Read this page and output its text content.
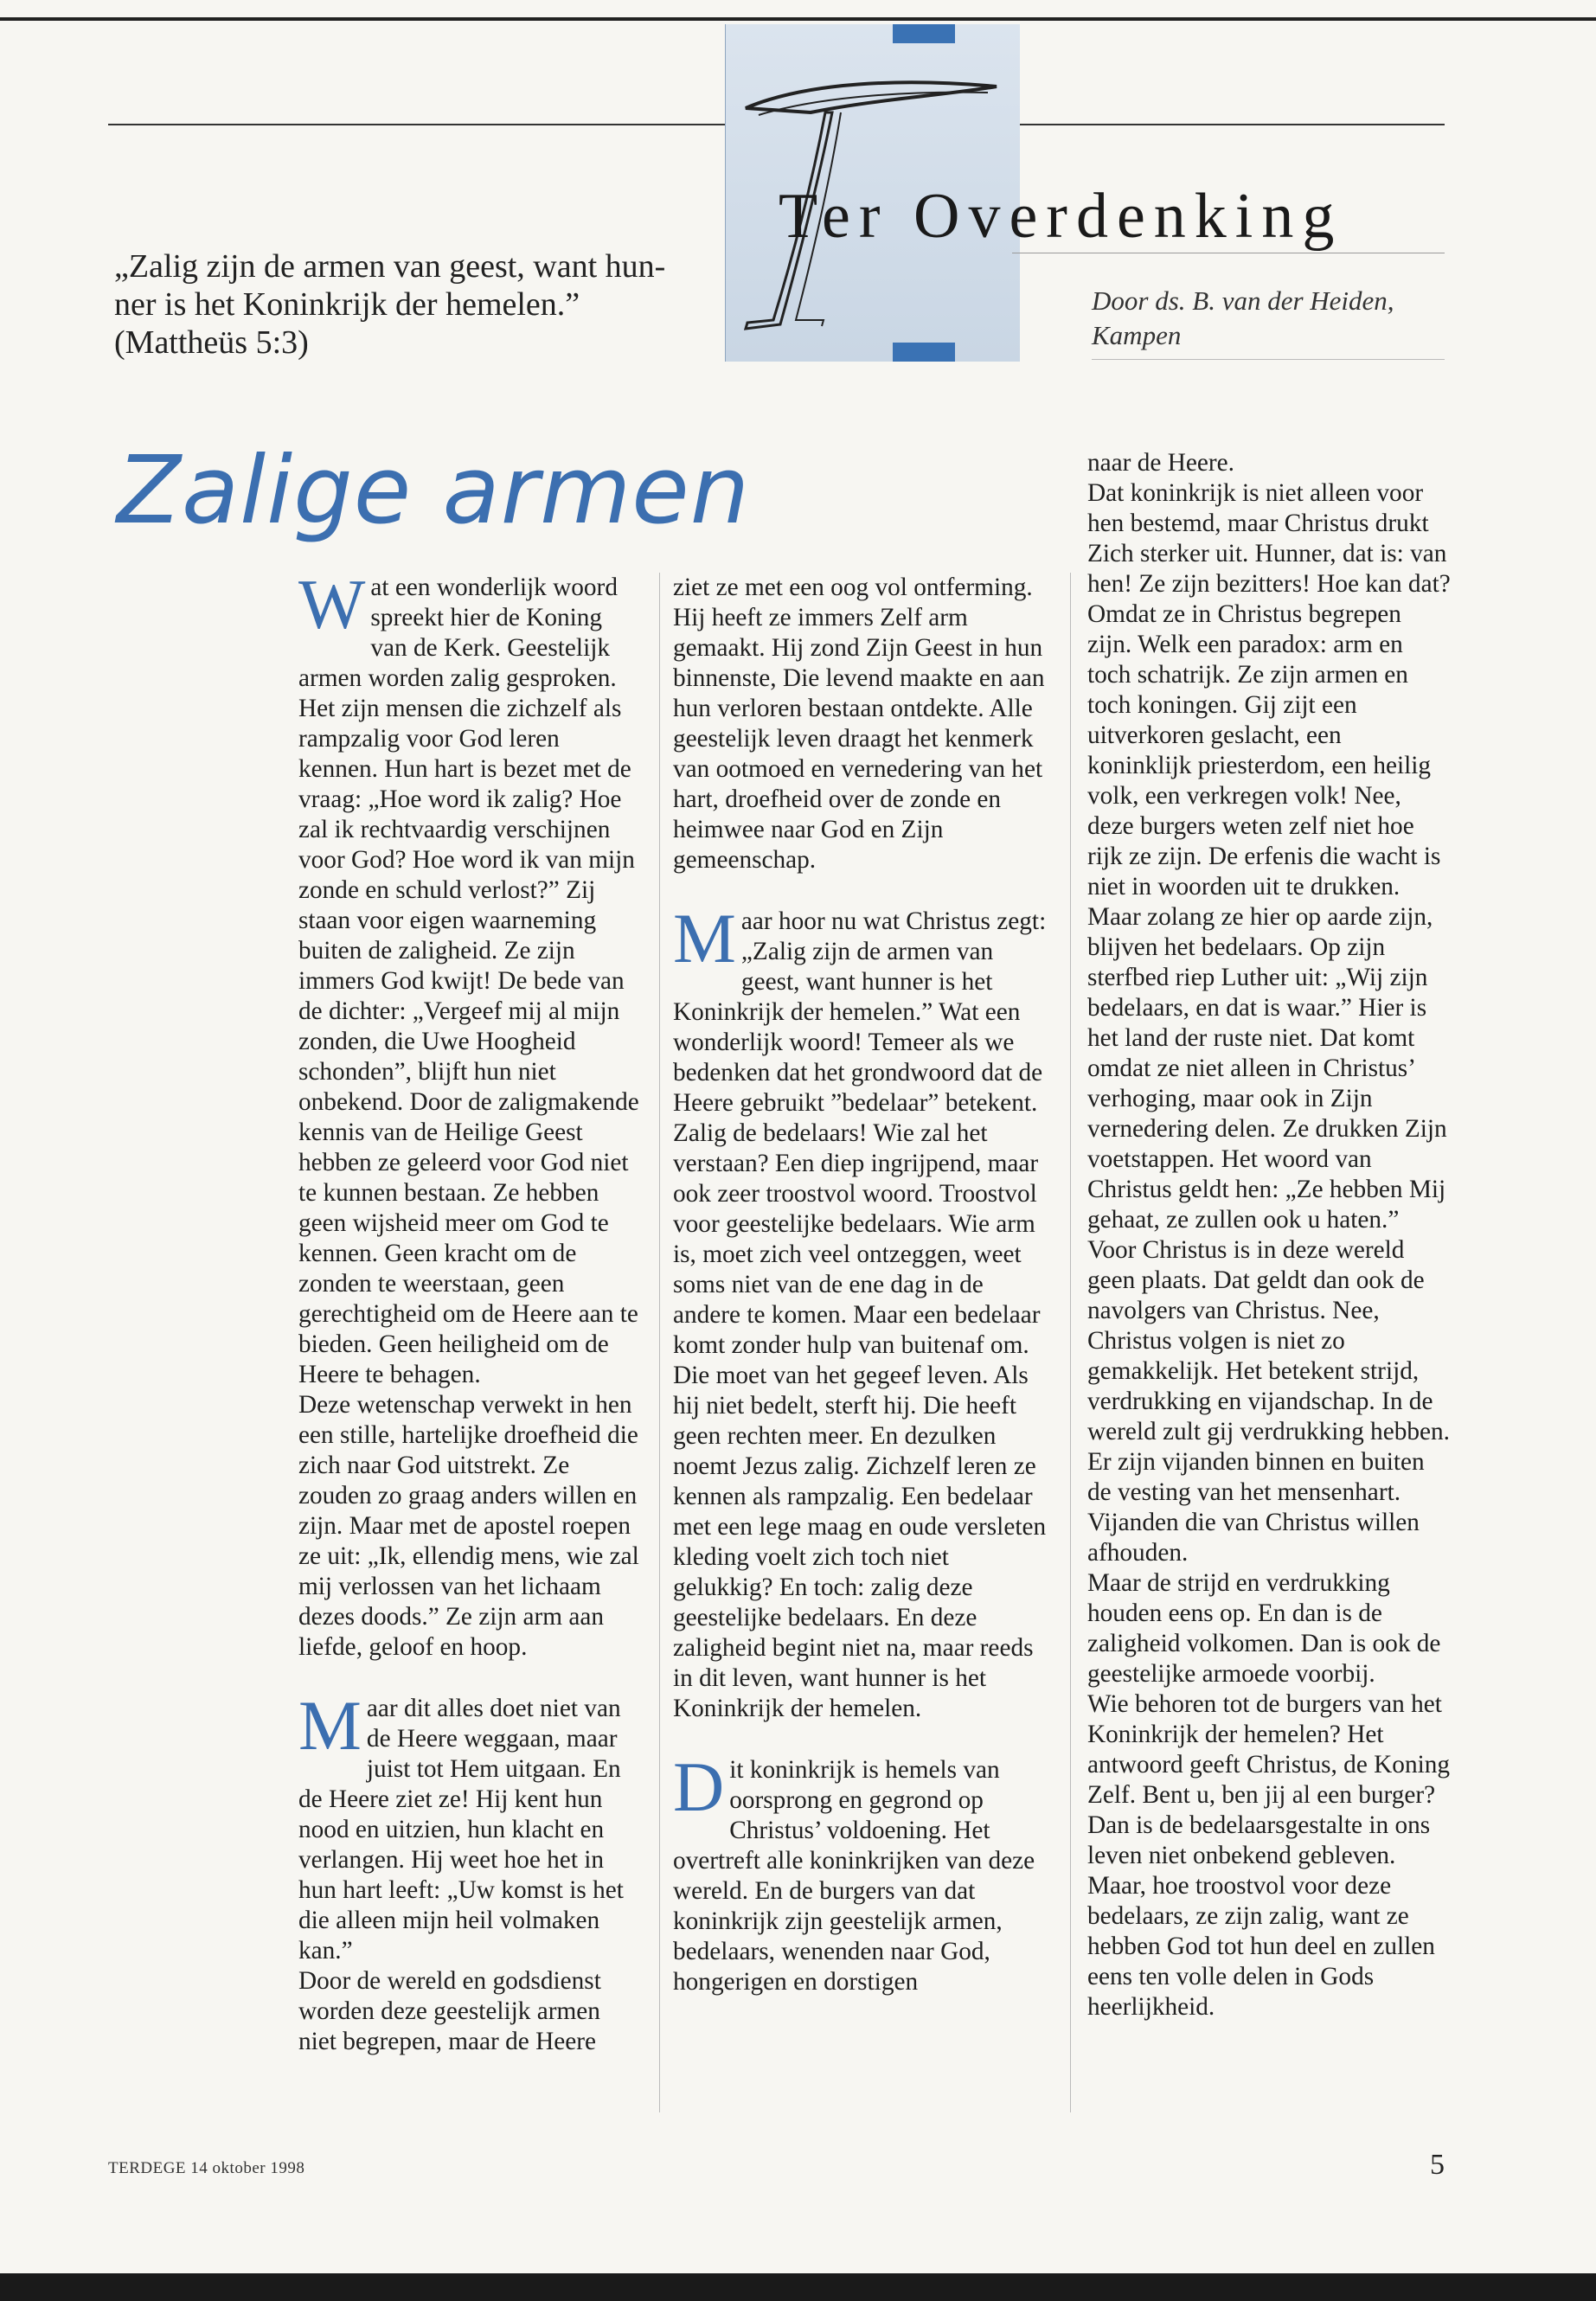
Ter Overdenking
Door ds. B. van der Heiden,
Kampen
„Zalig zijn de armen van geest, want hun-
ner is het Koninkrijk der hemelen.”
(Mattheüs 5:3)
Zalige armen

Wat een wonderlijk woord spreekt hier de Koning van de Kerk. Geestelijk armen worden zalig gesproken. Het zijn mensen die zichzelf als rampzalig voor God leren kennen. Hun hart is bezet met de vraag: „Hoe word ik zalig? Hoe zal ik rechtvaardig verschijnen voor God? Hoe word ik van mijn zonde en schuld verlost?” Zij staan voor eigen waarneming buiten de zaligheid. Ze zijn immers God kwijt! De bede van de dichter: „Vergeef mij al mijn zonden, die Uwe Hoogheid schonden”, blijft hun niet onbekend. Door de zaligmakende kennis van de Heilige Geest hebben ze geleerd voor God niet te kunnen bestaan. Ze hebben geen wijsheid meer om God te kennen. Geen kracht om de zonden te weerstaan, geen gerechtigheid om de Heere aan te bieden. Geen heiligheid om de Heere te behagen.

Deze wetenschap verwekt in hen een stille, hartelijke droefheid die zich naar God uitstrekt. Ze zouden zo graag anders willen en zijn. Maar met de apostel roepen ze uit: „Ik, ellendig mens, wie zal mij verlossen van het lichaam dezes doods.” Ze zijn arm aan liefde, geloof en hoop.

Maar dit alles doet niet van de Heere weggaan, maar juist tot Hem uitgaan. En de Heere ziet ze! Hij kent hun nood en uitzien, hun klacht en verlangen. Hij weet hoe het in hun hart leeft: „Uw komst is het die alleen mijn heil volmaken kan.”

Door de wereld en godsdienst worden deze geestelijk armen niet begrepen, maar de Heere

ziet ze met een oog vol ontferming. Hij heeft ze immers Zelf arm gemaakt. Hij zond Zijn Geest in hun binnenste, Die levend maakte en aan hun verloren bestaan ontdekte. Alle geestelijk leven draagt het kenmerk van ootmoed en vernedering van het hart, droefheid over de zonde en heimwee naar God en Zijn gemeenschap.

Maar hoor nu wat Christus zegt: „Zalig zijn de armen van geest, want hunner is het Koninkrijk der hemelen.” Wat een wonderlijk woord! Temeer als we bedenken dat het grondwoord dat de Heere gebruikt ”bedelaar” betekent. Zalig de bedelaars! Wie zal het verstaan? Een diep ingrijpend, maar ook zeer troostvol woord. Troostvol voor geestelijke bedelaars. Wie arm is, moet zich veel ontzeggen, weet soms niet van de ene dag in de andere te komen. Maar een bedelaar komt zonder hulp van buitenaf om. Die moet van het gegeef leven. Als hij niet bedelt, sterft hij. Die heeft geen rechten meer. En dezulken noemt Jezus zalig. Zichzelf leren ze kennen als rampzalig. Een bedelaar met een lege maag en oude versleten kleding voelt zich toch niet gelukkig? En toch: zalig deze geestelijke bedelaars. En deze zaligheid begint niet na, maar reeds in dit leven, want hunner is het Koninkrijk der hemelen.

Dit koninkrijk is hemels van oorsprong en gegrond op Christus’ voldoening. Het overtreft alle koninkrijken van deze wereld. En de burgers van dat koninkrijk zijn geestelijk armen, bedelaars, wenenden naar God, hongerigen en dorstigen

naar de Heere.

Dat koninkrijk is niet alleen voor hen bestemd, maar Christus drukt Zich sterker uit. Hunner, dat is: van hen! Ze zijn bezitters! Hoe kan dat? Omdat ze in Christus begrepen zijn. Welk een paradox: arm en toch schatrijk. Ze zijn armen en toch koningen. Gij zijt een uitverkoren geslacht, een koninklijk priesterdom, een heilig volk, een verkregen volk! Nee, deze burgers weten zelf niet hoe rijk ze zijn. De erfenis die wacht is niet in woorden uit te drukken.

Maar zolang ze hier op aarde zijn, blijven het bedelaars. Op zijn sterfbed riep Luther uit: „Wij zijn bedelaars, en dat is waar.” Hier is het land der ruste niet. Dat komt omdat ze niet alleen in Christus’ verhoging, maar ook in Zijn vernedering delen. Ze drukken Zijn voetstappen. Het woord van Christus geldt hen: „Ze hebben Mij gehaat, ze zullen ook u haten.” Voor Christus is in deze wereld geen plaats. Dat geldt dan ook de navolgers van Christus. Nee, Christus volgen is niet zo gemakkelijk. Het betekent strijd, verdrukking en vijandschap. In de wereld zult gij verdrukking hebben. Er zijn vijanden binnen en buiten de vesting van het mensenhart. Vijanden die van Christus willen afhouden.

Maar de strijd en verdrukking houden eens op. En dan is de zaligheid volkomen. Dan is ook de geestelijke armoede voorbij.

Wie behoren tot de burgers van het Koninkrijk der hemelen? Het antwoord geeft Christus, de Koning Zelf. Bent u, ben jij al een burger? Dan is de bedelaarsgestalte in ons leven niet onbekend gebleven. Maar, hoe troostvol voor deze bedelaars, ze zijn zalig, want ze hebben God tot hun deel en zullen eens ten volle delen in Gods heerlijkheid.

TERDEGE 14 oktober 1998	5
